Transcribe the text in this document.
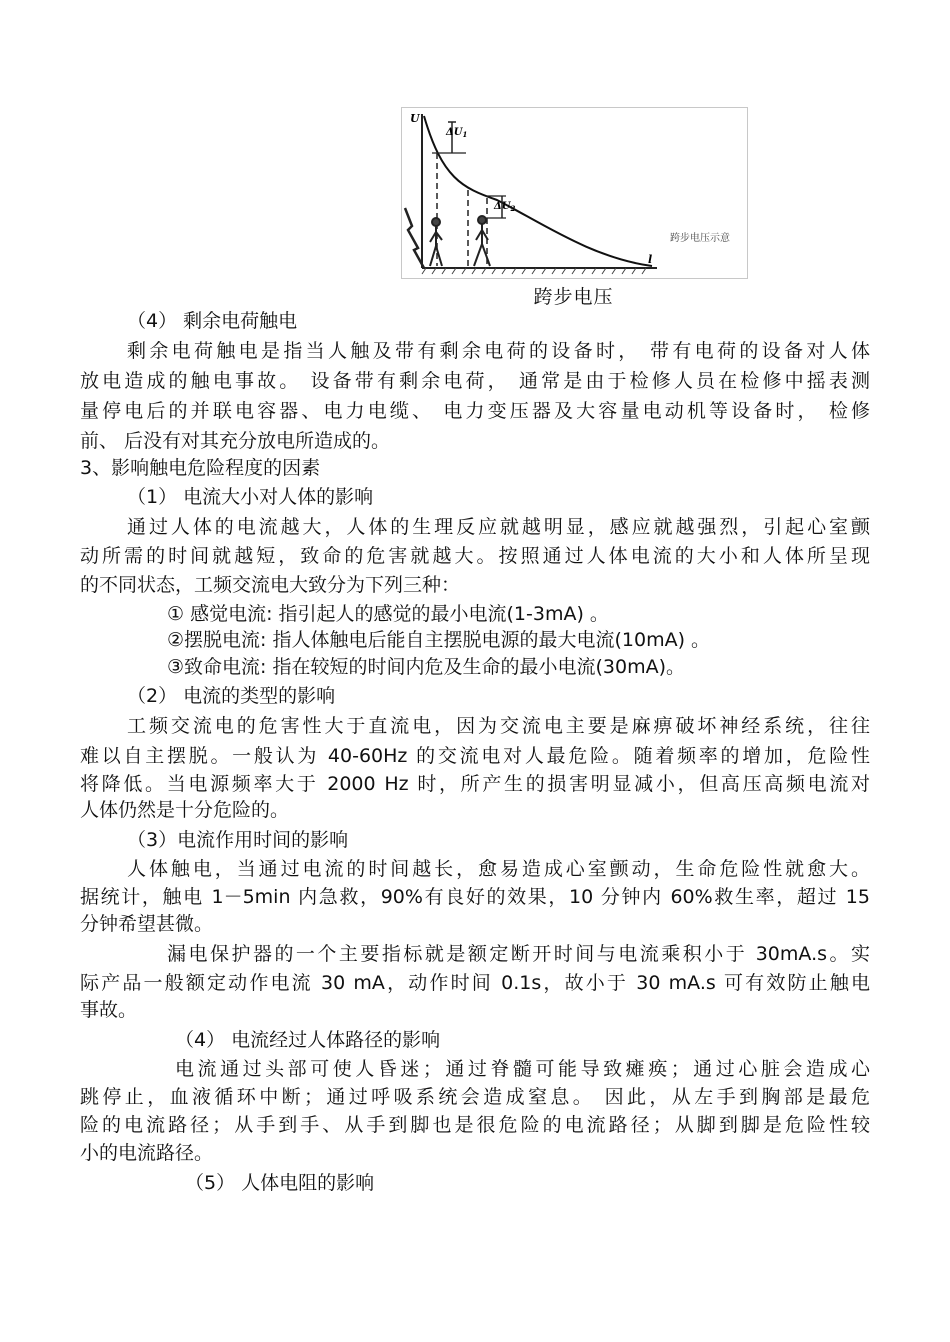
U
$\Delta U_1$
$\Delta U_2$
跨步电压示意
l
跨步电压
（4） 剩余电荷触电
剩余电荷触电是指当人触及带有剩余电荷的设备时， 带有电荷的设备对人体
放电造成的触电事故。 设备带有剩余电荷， 通常是由于检修人员在检修中摇表测
量停电后的并联电容器、电力电缆、 电力变压器及大容量电动机等设备时， 检修
前、 后没有对其充分放电所造成的。
3、影响触电危险程度的因素
（1） 电流大小对人体的影响
通过人体的电流越大，人体的生理反应就越明显，感应就越强烈，引起心室颤
动所需的时间就越短，致命的危害就越大。按照通过人体电流的大小和人体所呈现
的不同状态，工频交流电大致分为下列三种：
① 感觉电流: 指引起人的感觉的最小电流(1-3mA) 。
②摆脱电流: 指人体触电后能自主摆脱电源的最大电流(10mA) 。
③致命电流: 指在较短的时间内危及生命的最小电流(30mA)。
（2） 电流的类型的影响
工频交流电的危害性大于直流电，因为交流电主要是麻痹破坏神经系统，往往
难以自主摆脱。一般认为 40-60Hz 的交流电对人最危险。随着频率的增加，危险性
将降低。当电源频率大于 2000 Hz 时，所产生的损害明显减小，但高压高频电流对
人体仍然是十分危险的。
（3）电流作用时间的影响
人体触电，当通过电流的时间越长，愈易造成心室颤动，生命危险性就愈大。
据统计，触电 1－5min 内急救，90%有良好的效果，10 分钟内 60%救生率，超过 15
分钟希望甚微。
漏电保护器的一个主要指标就是额定断开时间与电流乘积小于 30mA.s。实
际产品一般额定动作电流 30 mA，动作时间 0.1s，故小于 30 mA.s 可有效防止触电
事故。
（4） 电流经过人体路径的影响
电流通过头部可使人昏迷；通过脊髓可能导致瘫痪；通过心脏会造成心
跳停止，血液循环中断；通过呼吸系统会造成窒息。 因此，从左手到胸部是最危
险的电流路径；从手到手、从手到脚也是很危险的电流路径；从脚到脚是危险性较
小的电流路径。
（5） 人体电阻的影响
